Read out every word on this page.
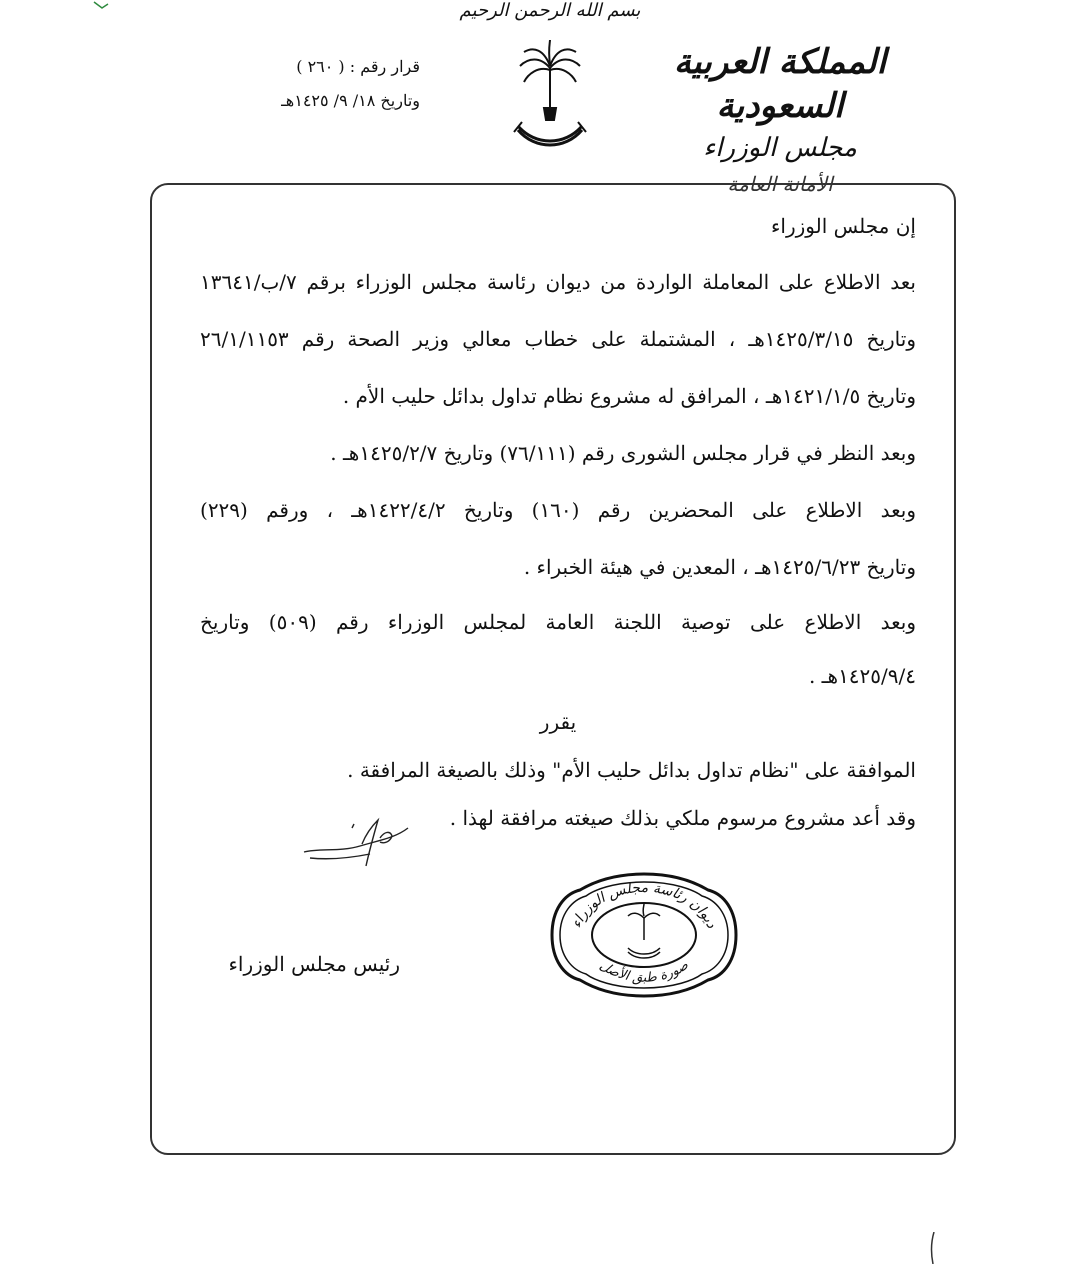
بسم الله الرحمن الرحيم
قرار رقم : ( ٢٦٠ )
وتاريخ ١٨/ ٩/ ١٤٢٥هـ
المملكة العربية السعودية
مجلس الوزراء
الأمانة العامة
إن مجلس الوزراء
بعد الاطلاع على المعاملة الواردة من ديوان رئاسة مجلس الوزراء برقم ٧/ب/١٣٦٤١
وتاريخ ١٤٢٥/٣/١٥هـ ، المشتملة على خطاب معالي وزير الصحة رقم ٢٦/١/١١٥٣
وتاريخ ١٤٢١/١/٥هـ ، المرافق له مشروع نظام تداول بدائل حليب الأم .
وبعد النظر في قرار مجلس الشورى رقم (٧٦/١١١) وتاريخ ١٤٢٥/٢/٧هـ .
وبعد الاطلاع على المحضرين رقم (١٦٠) وتاريخ ١٤٢٢/٤/٢هـ ، ورقم (٢٢٩)
وتاريخ ١٤٢٥/٦/٢٣هـ ، المعدين في هيئة الخبراء .
وبعد الاطلاع على توصية اللجنة العامة لمجلس الوزراء رقم (٥٠٩) وتاريخ
١٤٢٥/٩/٤هـ .
يقرر
الموافقة على "نظام تداول بدائل حليب الأم" وذلك بالصيغة المرافقة .
وقد أعد مشروع مرسوم ملكي بذلك صيغته مرافقة لهذا .
ديوان رئاسة مجلس الوزراء
صورة طبق الأصل
رئيس مجلس الوزراء
